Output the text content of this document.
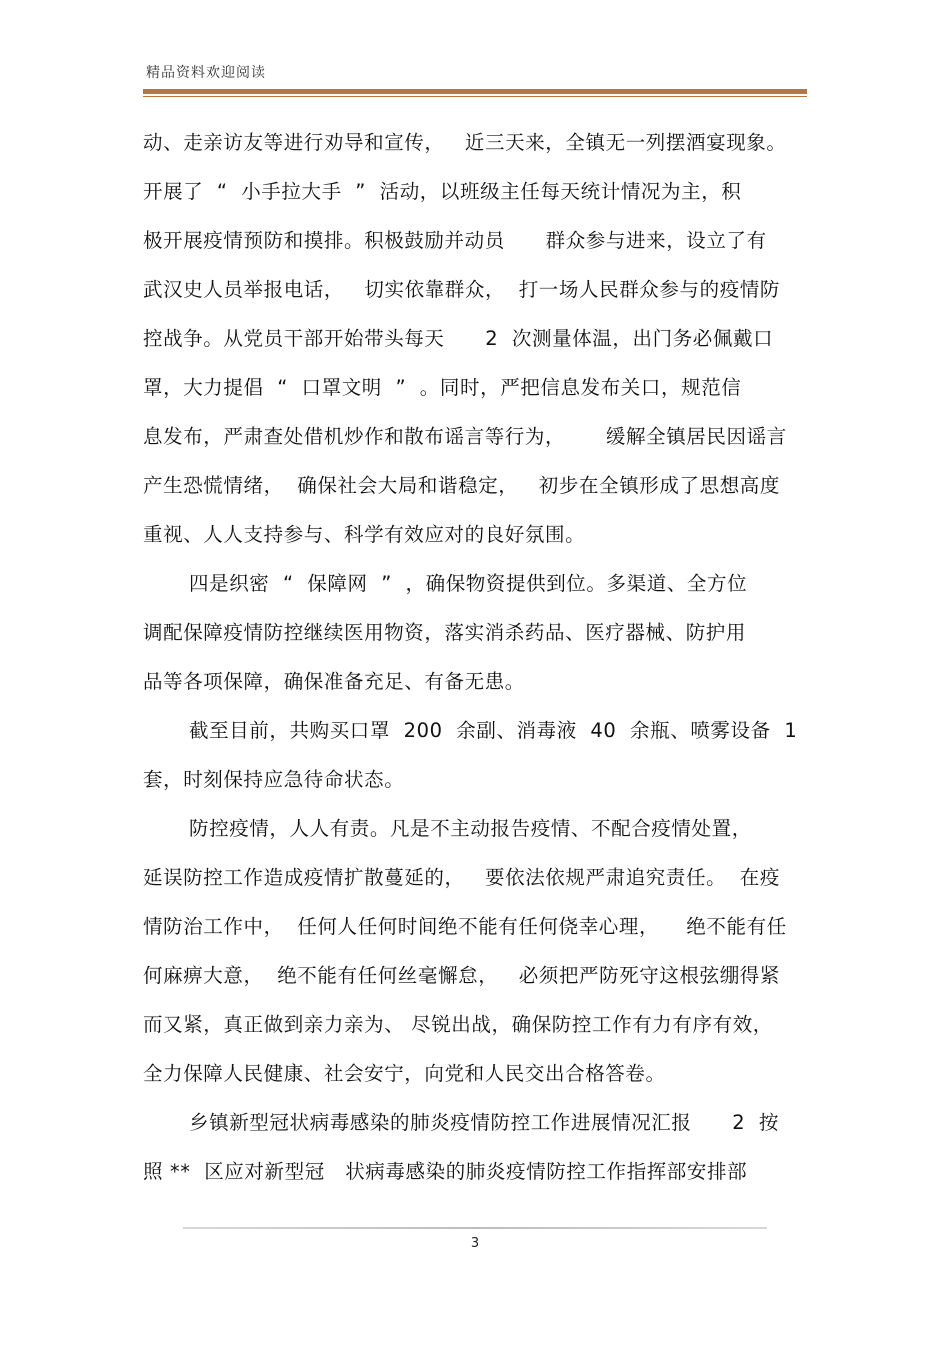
精品资料欢迎阅读
动、走亲访友等进行劝导和宣传，   近三天来，全镇无一列摆酒宴现象。
开展了  “  小手拉大手  ”  活动，以班级主任每天统计情况为主，积
极开展疫情预防和摸排。积极鼓励并动员      群众参与进来，设立了有
武汉史人员举报电话，   切实依靠群众，  打一场人民群众参与的疫情防
控战争。从党员干部开始带头每天      2  次测量体温，出门务必佩戴口
罩，大力提倡  “  口罩文明  ”  。同时，严把信息发布关口，规范信
息发布，严肃查处借机炒作和散布谣言等行为，      缓解全镇居民因谣言
产生恐慌情绪，  确保社会大局和谐稳定，   初步在全镇形成了思想高度
重视、人人支持参与、科学有效应对的良好氛围。
四是织密  “  保障网  ”  ，确保物资提供到位。多渠道、全方位
调配保障疫情防控继续医用物资，落实消杀药品、医疗器械、防护用
品等各项保障，确保准备充足、有备无患。
截至目前，共购买口罩  200  余副、消毒液  40  余瓶、喷雾设备  1
套，时刻保持应急待命状态。
防控疫情，人人有责。凡是不主动报告疫情、不配合疫情处置，
延误防控工作造成疫情扩散蔓延的，   要依法依规严肃追究责任。  在疫
情防治工作中，  任何人任何时间绝不能有任何侥幸心理，    绝不能有任
何麻痹大意，  绝不能有任何丝毫懈怠，   必须把严防死守这根弦绷得紧
而又紧，真正做到亲力亲为、 尽锐出战，确保防控工作有力有序有效，
全力保障人民健康、社会安宁，向党和人民交出合格答卷。
乡镇新型冠状病毒感染的肺炎疫情防控工作进展情况汇报      2  按
照 **  区应对新型冠   状病毒感染的肺炎疫情防控工作指挥部安排部
3
